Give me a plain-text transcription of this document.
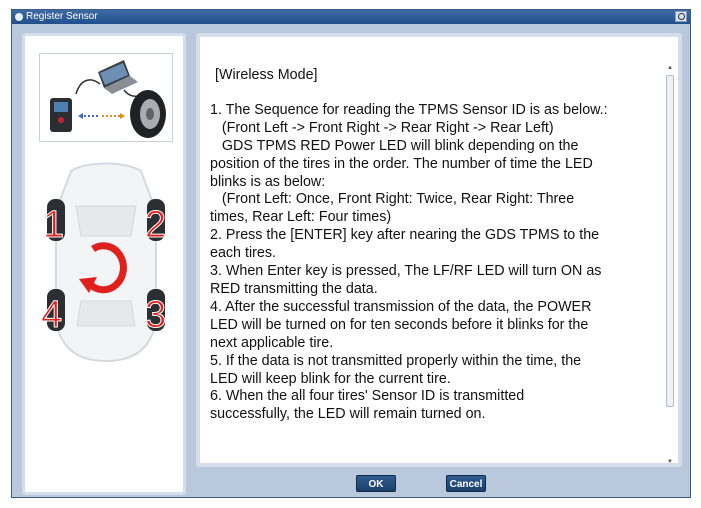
Register Sensor
1 2
4 3
[Wireless Mode]
1. The Sequence for reading the TPMS Sensor ID is as below.:
(Front Left -> Front Right -> Rear Right -> Rear Left)
GDS TPMS RED Power LED will blink depending on the
position of the tires in the order. The number of time the LED
blinks is as below:
(Front Left: Once, Front Right: Twice, Rear Right: Three
times, Rear Left: Four times)
2. Press the [ENTER] key after nearing the GDS TPMS to the
each tires.
3. When Enter key is pressed, The LF/RF LED will turn ON as
RED transmitting the data.
4. After the successful transmission of the data, the POWER
LED will be turned on for ten seconds before it blinks for the
next applicable tire.
5. If the data is not transmitted properly within the time, the
LED will keep blink for the current tire.
6. When the all four tires' Sensor ID is transmitted
successfully, the LED will remain turned on.
▲
▼
OK	Cancel
